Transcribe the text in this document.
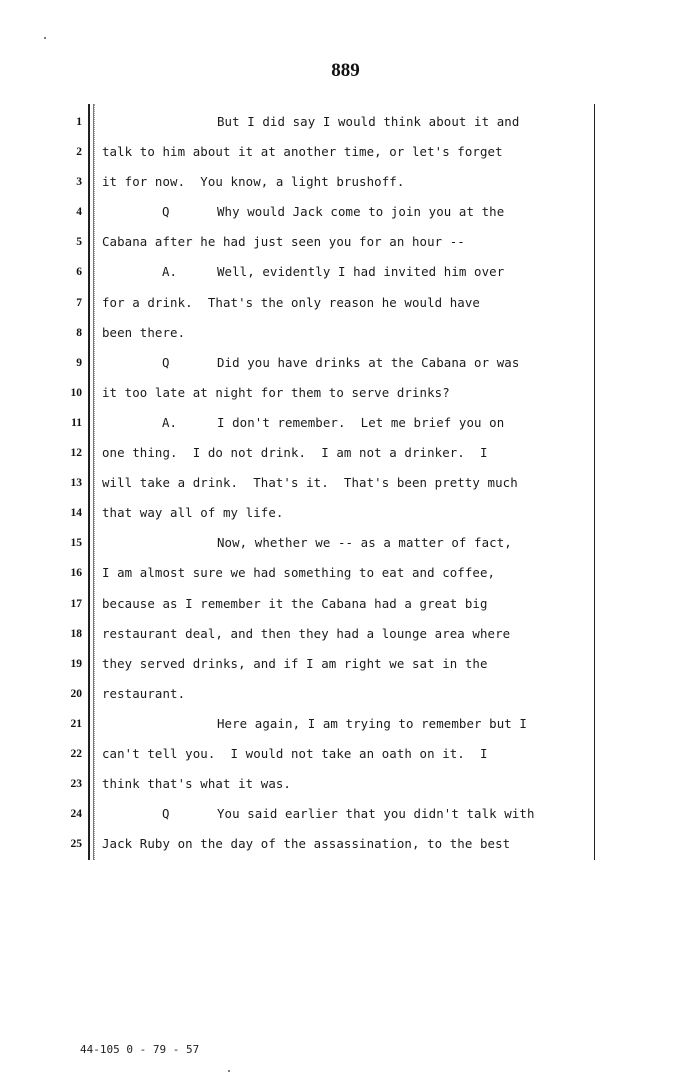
889
1
2
3
4
5
6
7
8
9
10
11
12
13
14
15
16
17
18
19
20
21
22
23
24
25
But I did say I would think about it and
talk to him about it at another time, or let's forget
it for now.  You know, a light brushoff.
Q	Why would Jack come to join you at the
Cabana after he had just seen you for an hour --
A.	Well, evidently I had invited him over
for a drink.  That's the only reason he would have
been there.
Q	Did you have drinks at the Cabana or was
it too late at night for them to serve drinks?
A.	I don't remember.  Let me brief you on
one thing.  I do not drink.  I am not a drinker.  I
will take a drink.  That's it.  That's been pretty much
that way all of my life.
Now, whether we -- as a matter of fact,
I am almost sure we had something to eat and coffee,
because as I remember it the Cabana had a great big
restaurant deal, and then they had a lounge area where
they served drinks, and if I am right we sat in the
restaurant.
Here again, I am trying to remember but I
can't tell you.  I would not take an oath on it.  I
think that's what it was.
Q	You said earlier that you didn't talk with
Jack Ruby on the day of the assassination, to the best
44-105 0 - 79 - 57
